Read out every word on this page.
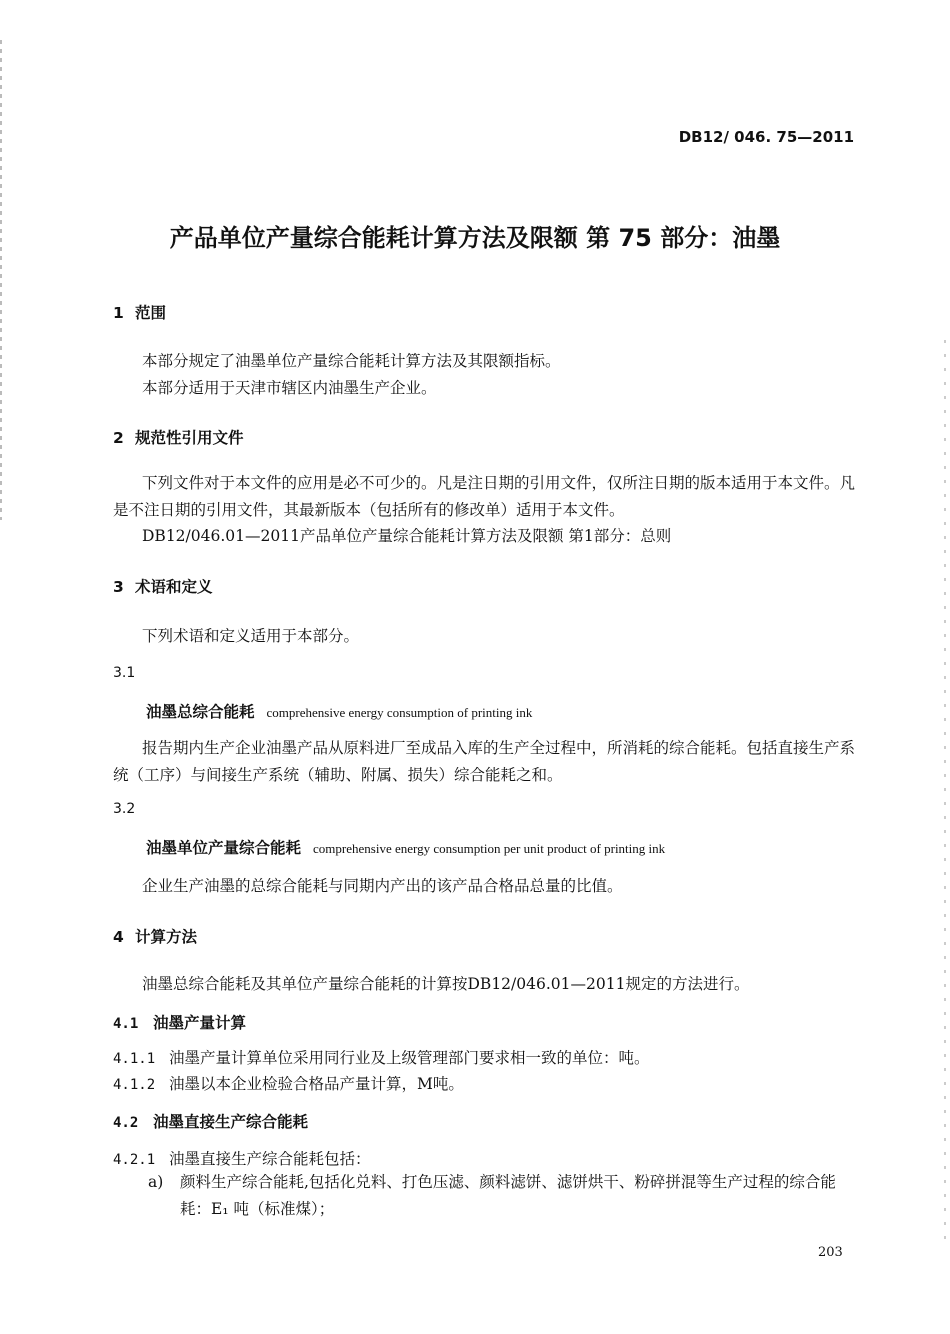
DB12/ 046. 75—2011
产品单位产量综合能耗计算方法及限额 第 75 部分：油墨
1 范围
本部分规定了油墨单位产量综合能耗计算方法及其限额指标。
本部分适用于天津市辖区内油墨生产企业。
2 规范性引用文件
下列文件对于本文件的应用是必不可少的。凡是注日期的引用文件，仅所注日期的版本适用于本文件。凡是不注日期的引用文件，其最新版本（包括所有的修改单）适用于本文件。
DB12/046.01—2011产品单位产量综合能耗计算方法及限额 第1部分：总则
3 术语和定义
下列术语和定义适用于本部分。
3.1
油墨总综合能耗 comprehensive energy consumption of printing ink
报告期内生产企业油墨产品从原料进厂至成品入库的生产全过程中，所消耗的综合能耗。包括直接生产系统（工序）与间接生产系统（辅助、附属、损失）综合能耗之和。
3.2
油墨单位产量综合能耗 comprehensive energy consumption per unit product of printing ink
企业生产油墨的总综合能耗与同期内产出的该产品合格品总量的比值。
4 计算方法
油墨总综合能耗及其单位产量综合能耗的计算按DB12/046.01—2011规定的方法进行。
4.1 油墨产量计算
4.1.1 油墨产量计算单位采用同行业及上级管理部门要求相一致的单位：吨。
4.1.2 油墨以本企业检验合格品产量计算，M吨。
4.2 油墨直接生产综合能耗
4.2.1 油墨直接生产综合能耗包括：
a) 颜料生产综合能耗,包括化兑料、打色压滤、颜料滤饼、滤饼烘干、粉碎拼混等生产过程的综合能耗：E₁ 吨（标准煤）；
203
